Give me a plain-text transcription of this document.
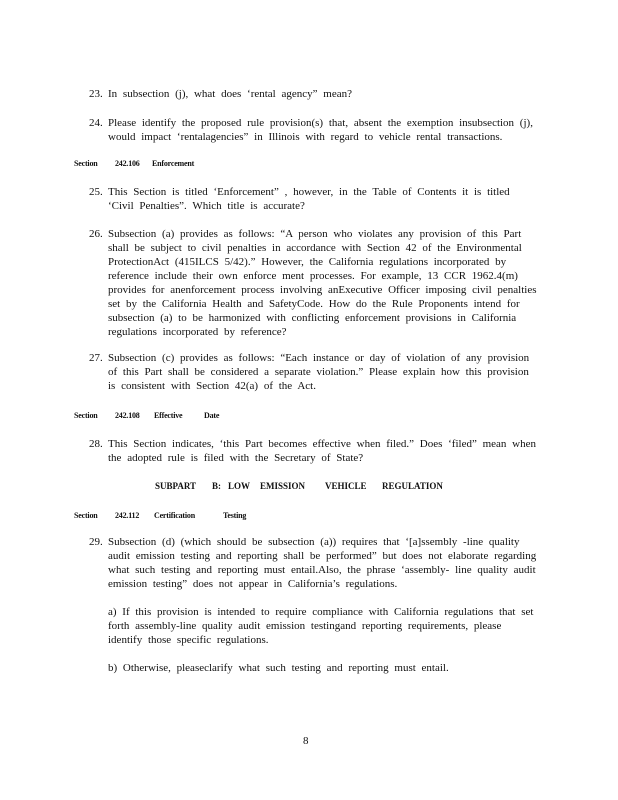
23. In subsection (j), what does ‘rental agency” mean?
24. Please identify the proposed rule provision(s) that, absent the exemption insubsection (j), would impact ‘rentalagencies” in Illinois with regard to vehicle rental transactions.
Section 242.106 Enforcement
25. This Section is titled ‘Enforcement” , however, in the Table of Contents it is titled ‘Civil Penalties”. Which title is accurate?
26. Subsection (a) provides as follows: “A person who violates any provision of this Part shall be subject to civil penalties in accordance with Section 42 of the Environmental ProtectionAct (415ILCS 5/42).” However, the California regulations incorporated by reference include their own enforce ment processes. For example, 13 CCR 1962.4(m) provides for anenforcement process involving anExecutive Officer imposing civil penalties set by the California Health and SafetyCode. How do the Rule Proponents intend for subsection (a) to be harmonized with conflicting enforcement provisions in California regulations incorporated by reference?
27. Subsection (c) provides as follows: “Each instance or day of violation of any provision of this Part shall be considered a separate violation.” Please explain how this provision is consistent with Section 42(a) of the Act.
Section 242.108 Effective	Date
28. This Section indicates, ‘this Part becomes effective when filed.” Does ‘filed” mean when the adopted rule is filed with the Secretary of State?
SUBPART B: LOW EMISSION VEHICLE REGULATION
Section 242.112 Certification	Testing
29. Subsection (d) (which should be subsection (a)) requires that ‘[a]ssembly -line quality audit emission testing and reporting shall be performed” but does not elaborate regarding what such testing and reporting must entail.Also, the phrase ‘assembly- line quality audit emission testing” does not appear in California’s regulations.
a) If this provision is intended to require compliance with California regulations that set forth assembly-line quality audit emission testingand reporting requirements, please identify those specific regulations.
b) Otherwise, pleaseclarify what such testing and reporting must entail.
8
